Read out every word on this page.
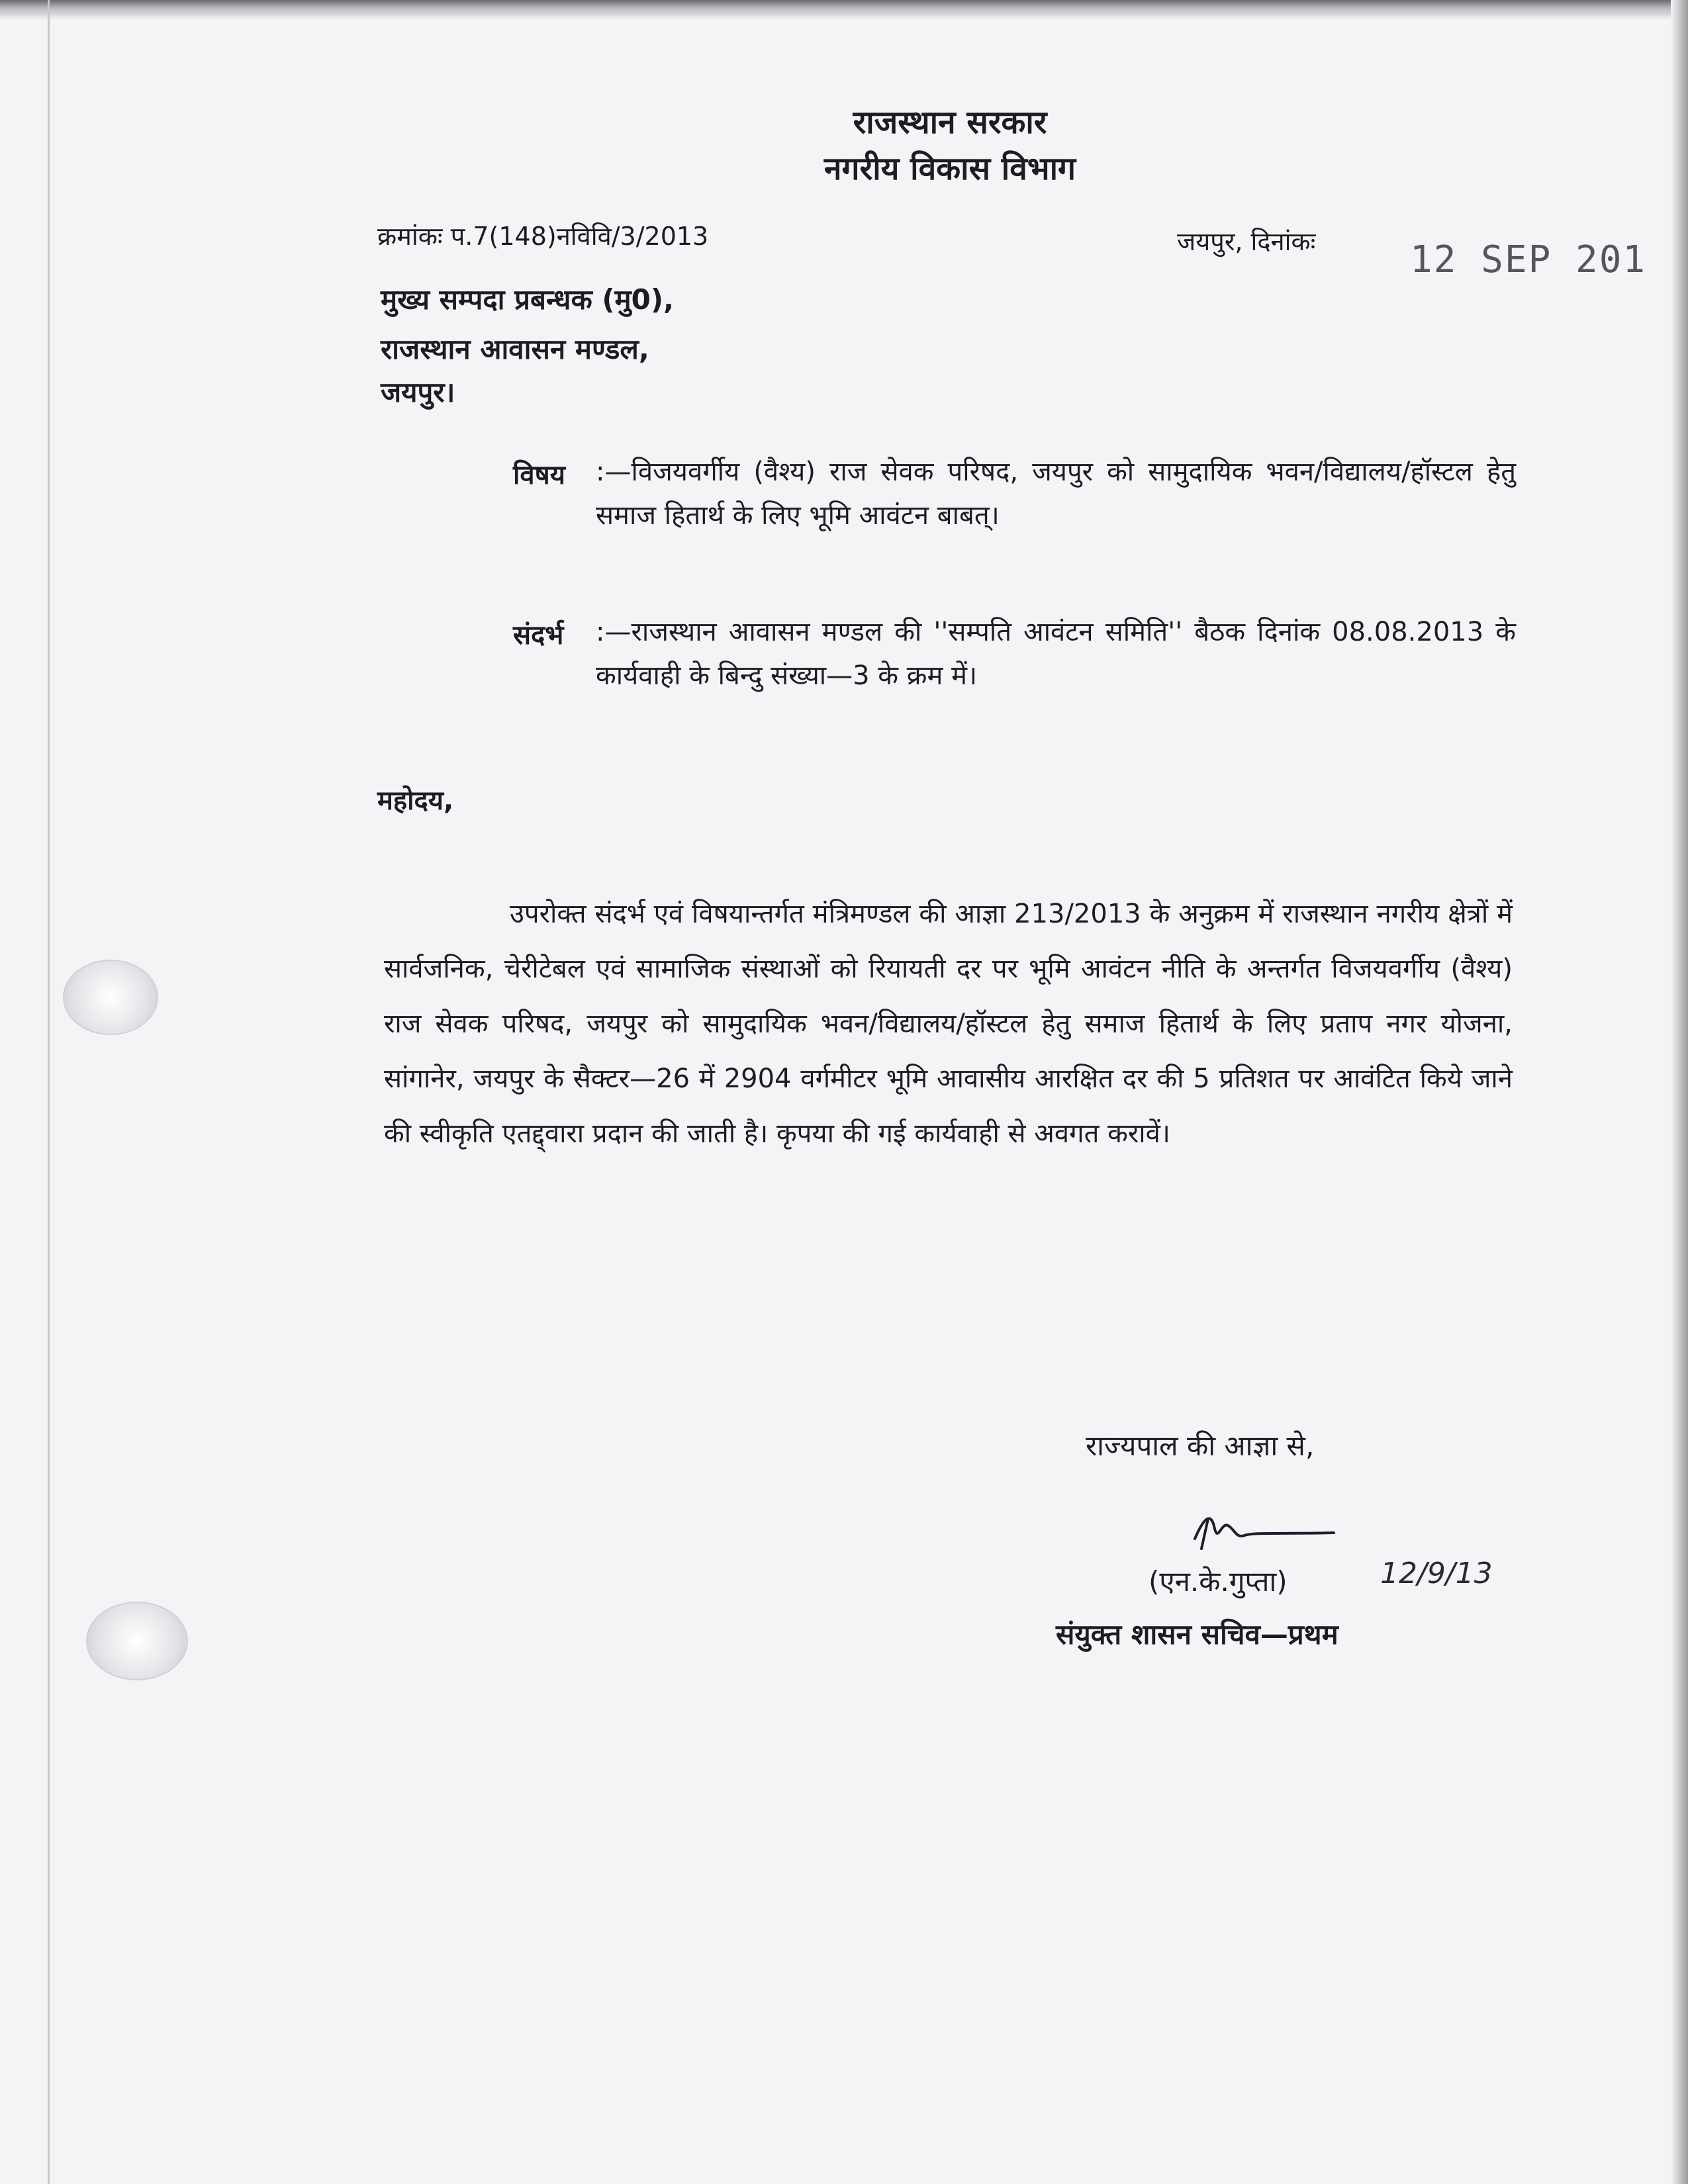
राजस्थान सरकार
नगरीय विकास विभाग
क्रमांकः प.7(148)नविवि/3/2013	जयपुर, दिनांकः	12 SEP 201
मुख्य सम्पदा प्रबन्धक (मु0),
राजस्थान आवासन मण्डल,
जयपुर।
विषय :—विजयवर्गीय (वैश्य) राज सेवक परिषद, जयपुर को सामुदायिक भवन/विद्यालय/हॉस्टल हेतु समाज हितार्थ के लिए भूमि आवंटन बाबत्।
संदर्भ :—राजस्थान आवासन मण्डल की ''सम्पति आवंटन समिति'' बैठक दिनांक 08.08.2013 के कार्यवाही के बिन्दु संख्या—3 के क्रम में।
महोदय,

उपरोक्त संदर्भ एवं विषयान्तर्गत मंत्रिमण्डल की आज्ञा 213/2013 के अनुक्रम में राजस्थान नगरीय क्षेत्रों में सार्वजनिक, चेरीटेबल एवं सामाजिक संस्थाओं को रियायती दर पर भूमि आवंटन नीति के अन्तर्गत विजयवर्गीय (वैश्य) राज सेवक परिषद, जयपुर को सामुदायिक भवन/विद्यालय/हॉस्टल हेतु समाज हितार्थ के लिए प्रताप नगर योजना, सांगानेर, जयपुर के सैक्टर—26 में 2904 वर्गमीटर भूमि आवासीय आरक्षित दर की 5 प्रतिशत पर आवंटित किये जाने की स्वीकृति एतद्द्वारा प्रदान की जाती है। कृपया की गई कार्यवाही से अवगत करावें।

राज्यपाल की आज्ञा से,
(एन.के.गुप्ता)	12/9/13
संयुक्त शासन सचिव—प्रथम
